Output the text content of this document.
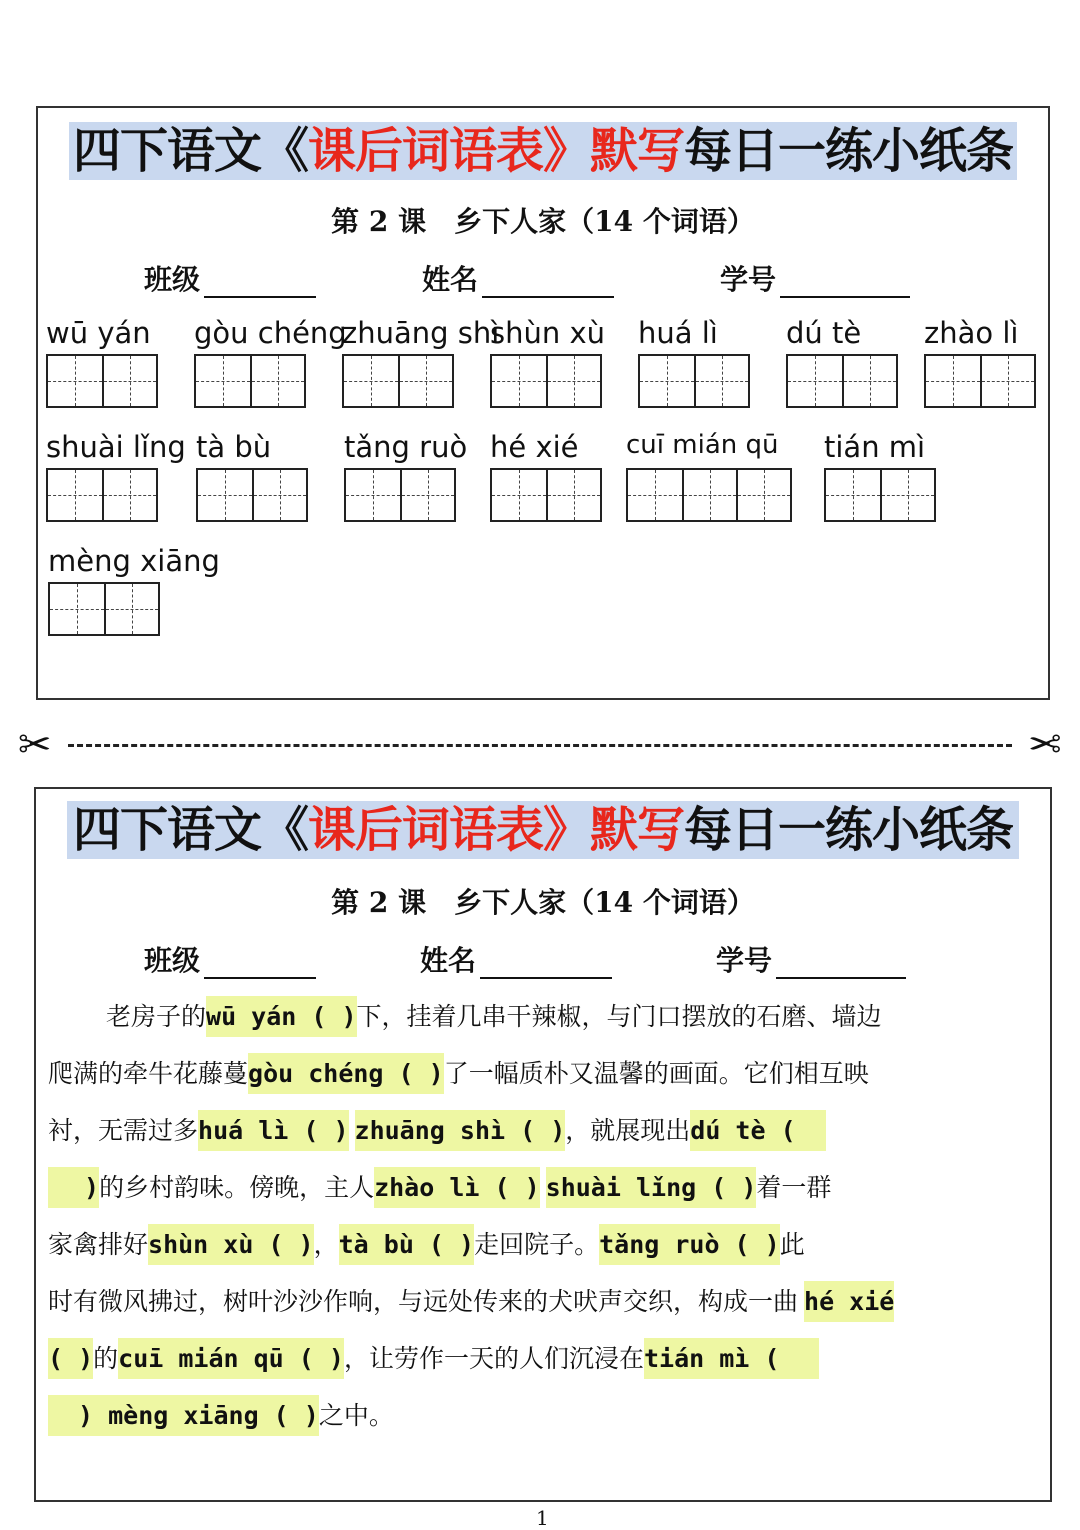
四下语文《课后词语表》默写每日一练小纸条
第 2 课　乡下人家（14 个词语）
班级	姓名	学号
wū yán gòu chéng
zhuāng shì
shùn xù huá lì dú tè zhào lì
shuài lǐng tà bù	tǎng ruò hé xié cuī mián qū tián mì
mèng xiāng
✂	✂
四下语文《课后词语表》默写每日一练小纸条
第 2 课　乡下人家（14 个词语）
班级	姓名	学号
老房子的wū yán ( )下，挂着几串干辣椒，与门口摆放的石磨、墙边
爬满的牵牛花藤蔓gòu chéng ( )了一幅质朴又温馨的画面。它们相互映
衬，无需过多huá lì ( ) zhuāng shì ( )，就展现出dú tè (
)的乡村韵味。傍晚，主人zhào lì ( ) shuài lǐng ( )着一群
家禽排好shùn xù ( )，tà bù ( )走回院子。tǎng ruò ( )此
时有微风拂过，树叶沙沙作响，与远处传来的犬吠声交织，构成一曲 hé xié
( )的cuī mián qū ( )，让劳作一天的人们沉浸在tián mì (
) mèng xiāng ( )之中。
1
